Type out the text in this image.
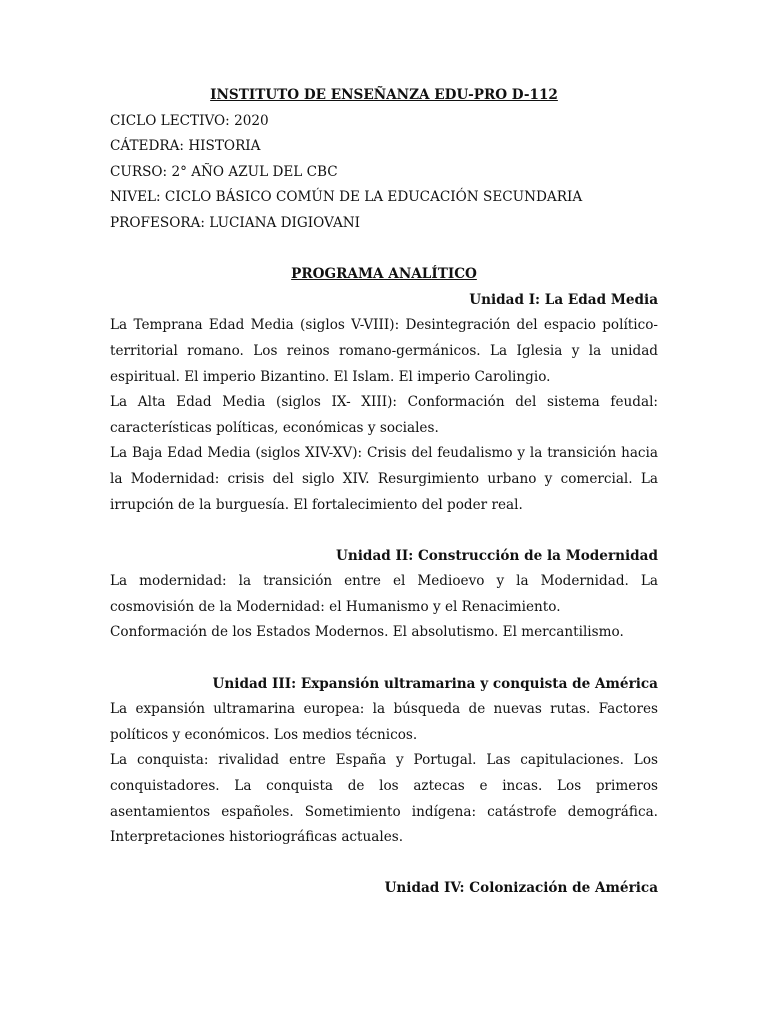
INSTITUTO DE ENSEÑANZA EDU-PRO D-112

CICLO LECTIVO: 2020

CÁTEDRA: HISTORIA

CURSO: 2° AÑO AZUL DEL CBC

NIVEL: CICLO BÁSICO COMÚN DE LA EDUCACIÓN SECUNDARIA

PROFESORA: LUCIANA DIGIOVANI

PROGRAMA ANALÍTICO

Unidad I: La Edad Media

La Temprana Edad Media (siglos V-VIII): Desintegración del espacio político-territorial romano. Los reinos romano-germánicos. La Iglesia y la unidad espiritual. El imperio Bizantino. El Islam. El imperio Carolingio.

La Alta Edad Media (siglos IX- XIII): Conformación del sistema feudal: características políticas, económicas y sociales.

La Baja Edad Media (siglos XIV-XV): Crisis del feudalismo y la transición hacia la Modernidad: crisis del siglo XIV. Resurgimiento urbano y comercial. La irrupción de la burguesía. El fortalecimiento del poder real.

Unidad II: Construcción de la Modernidad

La modernidad: la transición entre el Medioevo y la Modernidad. La cosmovisión de la Modernidad: el Humanismo y el Renacimiento.

Conformación de los Estados Modernos. El absolutismo. El mercantilismo.

Unidad III: Expansión ultramarina y conquista de América

La expansión ultramarina europea: la búsqueda de nuevas rutas. Factores políticos y económicos. Los medios técnicos.

La conquista: rivalidad entre España y Portugal. Las capitulaciones. Los conquistadores. La conquista de los aztecas e incas. Los primeros asentamientos españoles. Sometimiento indígena: catástrofe demográfica. Interpretaciones historiográficas actuales.

Unidad IV: Colonización de América
